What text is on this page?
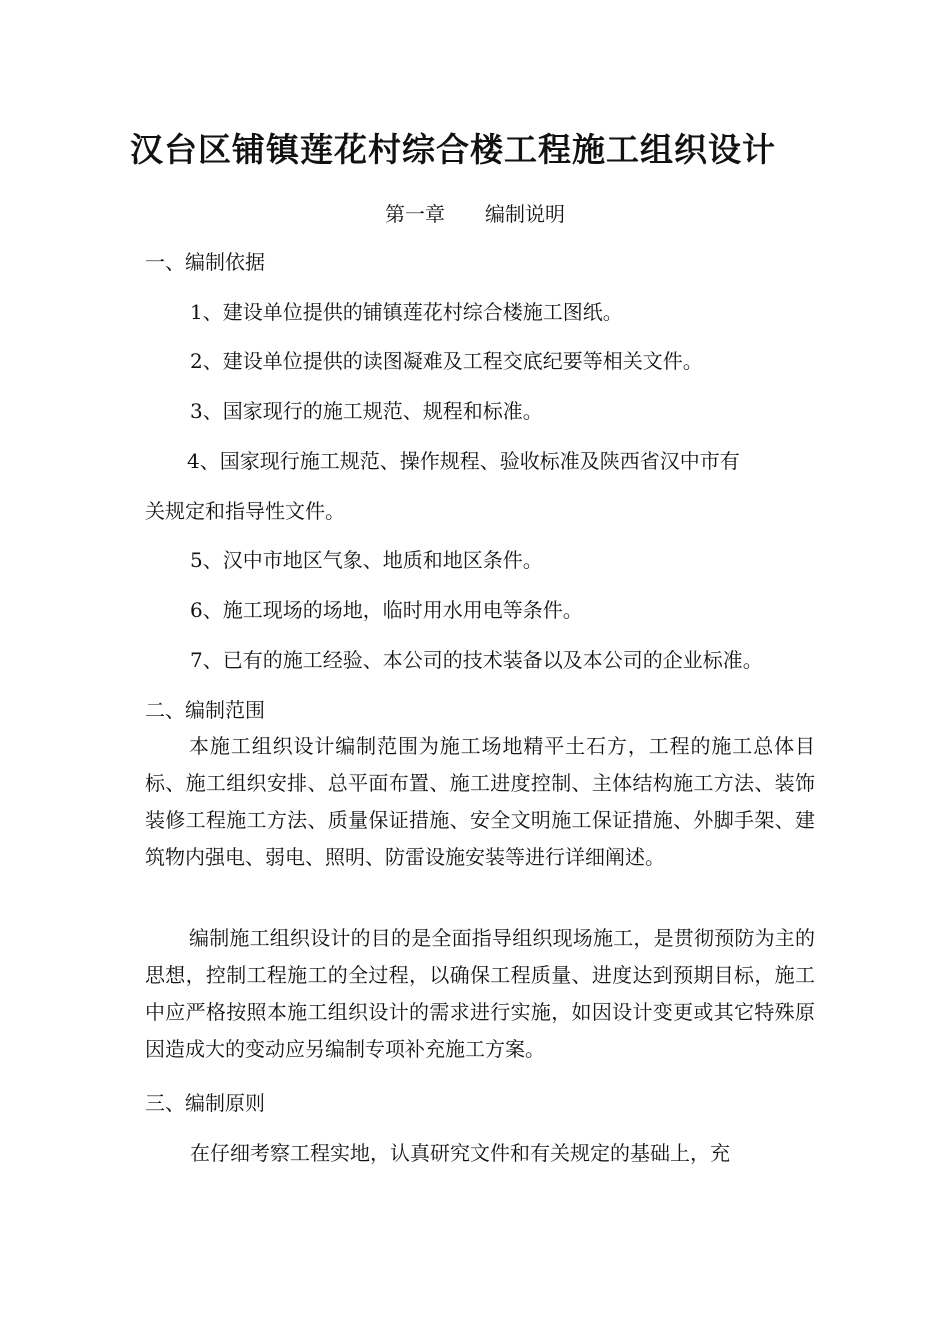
汉台区铺镇莲花村综合楼工程施工组织设计
第一章　　编制说明
一、编制依据
1、建设单位提供的铺镇莲花村综合楼施工图纸。
2、建设单位提供的读图凝难及工程交底纪要等相关文件。
3、国家现行的施工规范、规程和标准。
4、国家现行施工规范、操作规程、验收标准及陕西省汉中市有
关规定和指导性文件。
5、汉中市地区气象、地质和地区条件。
6、施工现场的场地，临时用水用电等条件。
7、已有的施工经验、本公司的技术装备以及本公司的企业标准。
二、编制范围

本施工组织设计编制范围为施工场地精平土石方，工程的施工总体目标、施工组织安排、总平面布置、施工进度控制、主体结构施工方法、装饰装修工程施工方法、质量保证措施、安全文明施工保证措施、外脚手架、建筑物内强电、弱电、照明、防雷设施安装等进行详细阐述。

编制施工组织设计的目的是全面指导组织现场施工，是贯彻预防为主的思想，控制工程施工的全过程，以确保工程质量、进度达到预期目标，施工中应严格按照本施工组织设计的需求进行实施，如因设计变更或其它特殊原因造成大的变动应另编制专项补充施工方案。

三、编制原则
在仔细考察工程实地，认真研究文件和有关规定的基础上，充
